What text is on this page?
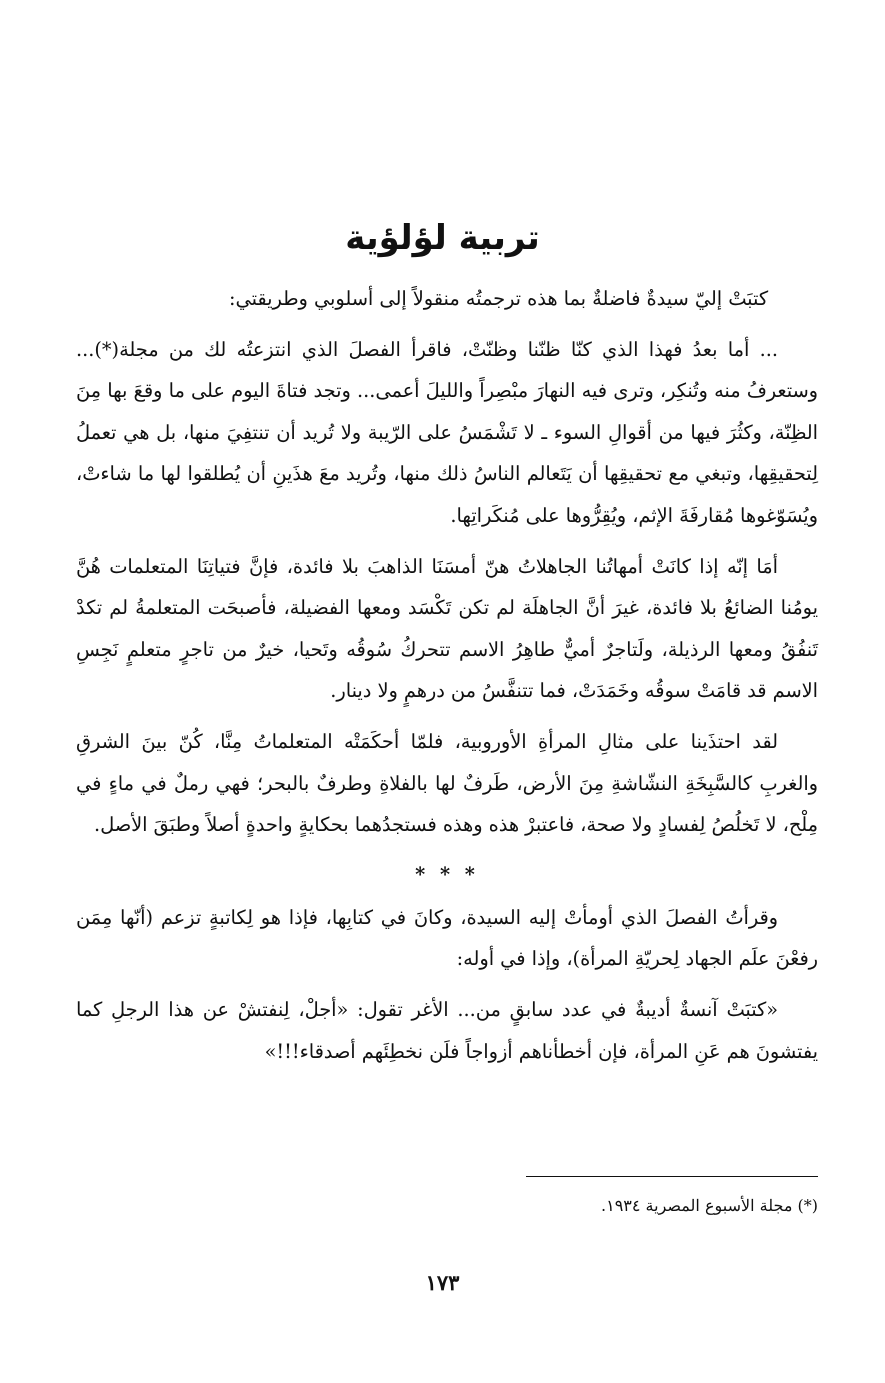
تربية لؤلؤية

كتبَتْ إليّ سيدةٌ فاضلةٌ بما هذه ترجمتُه منقولاً إلى أسلوبي وطريقتي:

... أما بعدُ فهذا الذي كنّا ظنّنا وظنّتْ، فاقرأ الفصلَ الذي انتزعتُه لك من مجلة(*)... وستعرفُ منه وتُنكِر، وترى فيه النهارَ مبْصِراً والليلَ أعمى... وتجد فتاةَ اليوم على ما وقعَ بها مِنَ الظِنّة، وكثُرَ فيها من أقوالِ السوء ـ لا تَشْمَسُ على الرّيبة ولا تُريد أن تنتفِيَ منها، بل هي تعملُ لِتحقيقِها، وتبغي مع تحقيقِها أن يَتَعالم الناسُ ذلك منها، وتُريد معَ هذَينِ أن يُطلقوا لها ما شاءتْ، ويُسَوّغوها مُقارفَةَ الإثم، ويُقِرُّوها على مُنكَراتِها.

أمَا إنّه إذا كانَتْ أمهاتُنا الجاهلاتُ هنّ أمسَنَا الذاهبَ بلا فائدة، فإنَّ فتياتِنَا المتعلمات هُنَّ يومُنا الضائعُ بلا فائدة، غيرَ أنَّ الجاهلَة لم تكن تَكْسَد ومعها الفضيلة، فأصبحَت المتعلمةُ لم تكدْ تَنفُقُ ومعها الرذيلة، ولَتاجرٌ أميٌّ طاهِرُ الاسم تتحركُ سُوقُه وتَحيا، خيرٌ من تاجرٍ متعلمٍ نَجِسِ الاسم قد قامَتْ سوقُه وخَمَدَتْ، فما تتنفَّسُ من درهمٍ ولا دينار.

لقد احتذَينا على مثالِ المرأةِ الأوروبية، فلمّا أحكَمَتْه المتعلماتُ مِنَّا، كُنّ بينَ الشرقِ والغربِ كالسَّبِخَةِ النشّاشةِ مِنَ الأرض، طَرفٌ لها بالفلاةِ وطرفٌ بالبحر؛ فهي رملٌ في ماءٍ في مِلْح، لا تَخلُصُ لِفسادٍ ولا صحة، فاعتبرْ هذه وهذه فستجدُهما بحكايةٍ واحدةٍ أصلاً وطبَقَ الأصل.

* * *

وقرأتُ الفصلَ الذي أومأتْ إليه السيدة، وكانَ في كتابِها، فإذا هو لِكاتبةٍ تزعم (أنّها مِمَن رفعْنَ علَم الجهاد لِحريّةِ المرأة)، وإذا في أوله:

«كتبَتْ آنسةٌ أديبةٌ في عدد سابقٍ من... الأغر تقول: «أجلْ، لِنفتشْ عن هذا الرجلِ كما يفتشونَ هم عَنِ المرأة، فإن أخطأناهم أزواجاً فلَن نخطِئَهم أصدقاء!!!»

(*) مجلة الأسبوع المصرية ١٩٣٤.
١٧٣
